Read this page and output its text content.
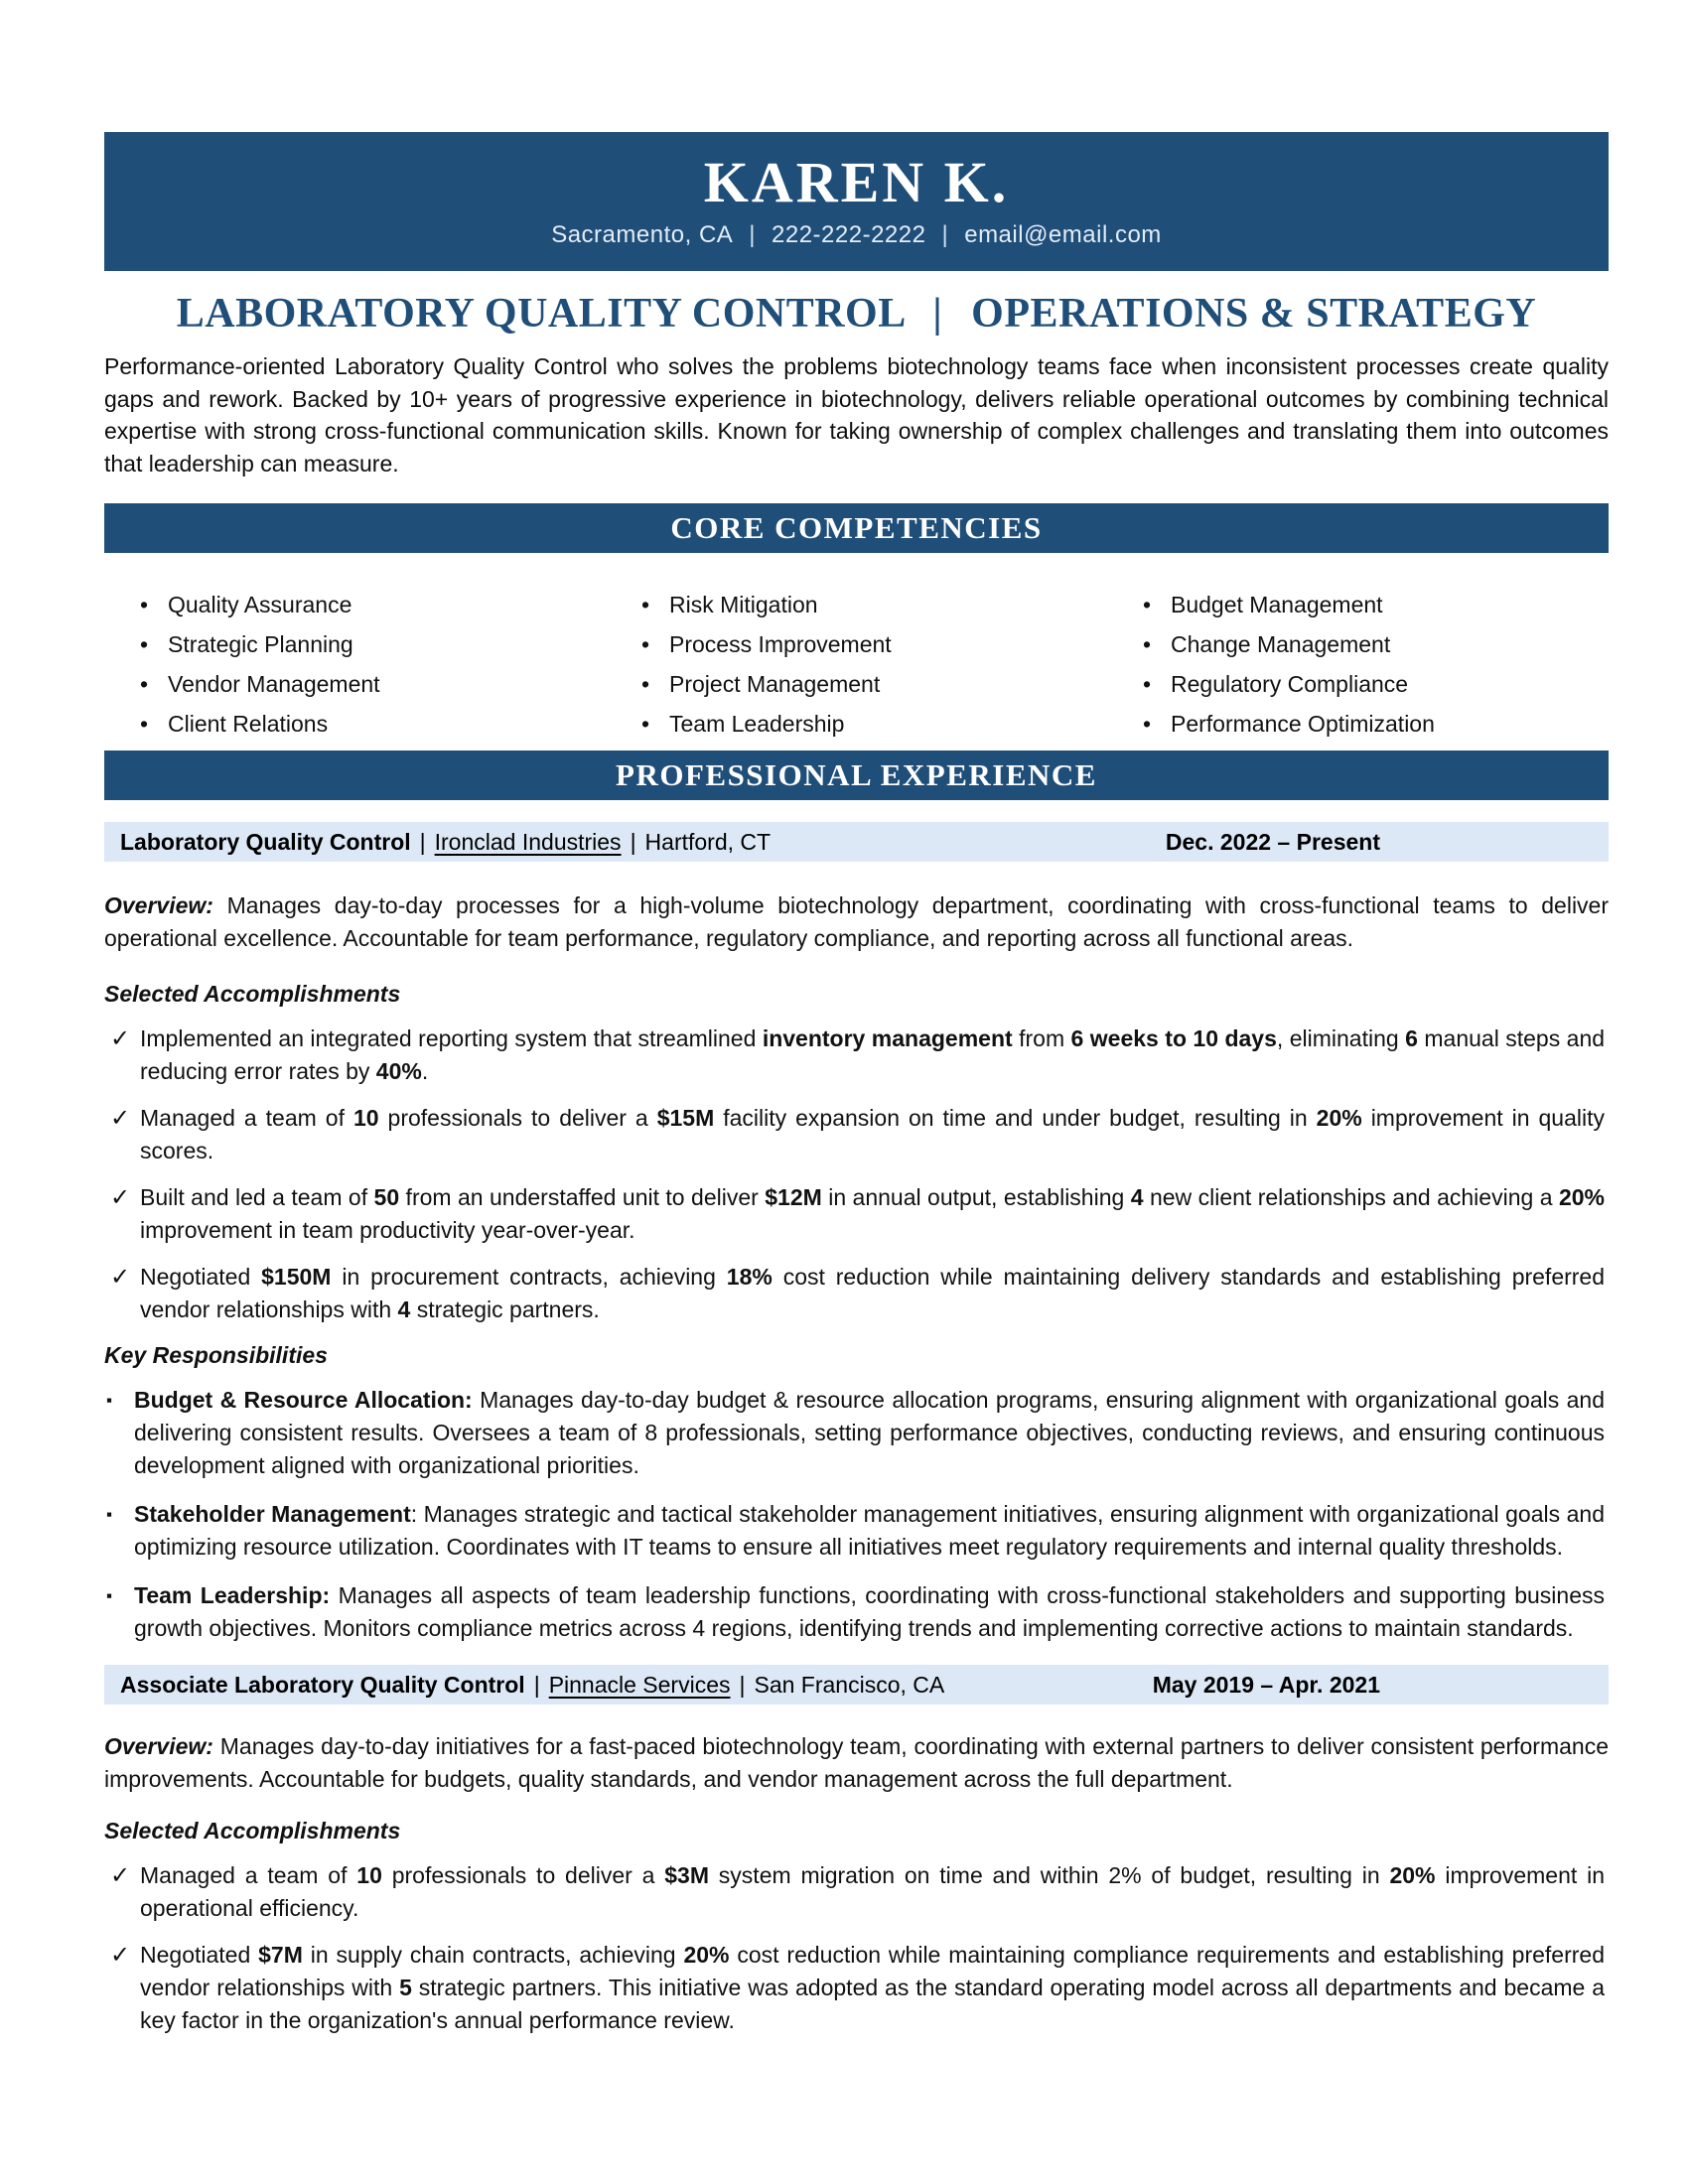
KAREN K.
Sacramento, CA | 222-222-2222 | email@email.com
LABORATORY QUALITY CONTROL | OPERATIONS & STRATEGY
Performance-oriented Laboratory Quality Control who solves the problems biotechnology teams face when inconsistent processes create quality gaps and rework. Backed by 10+ years of progressive experience in biotechnology, delivers reliable operational outcomes by combining technical expertise with strong cross-functional communication skills. Known for taking ownership of complex challenges and translating them into outcomes that leadership can measure.
CORE COMPETENCIES
• Quality Assurance	• Risk Mitigation	• Budget Management
• Strategic Planning	• Process Improvement	• Change Management
• Vendor Management	• Project Management	• Regulatory Compliance
• Client Relations	• Team Leadership	• Performance Optimization
PROFESSIONAL EXPERIENCE
Laboratory Quality Control | Ironclad Industries | Hartford, CT	Dec. 2022 – Present
Overview: Manages day-to-day processes for a high-volume biotechnology department, coordinating with cross-functional teams to deliver operational excellence. Accountable for team performance, regulatory compliance, and reporting across all functional areas.
Selected Accomplishments
✓ Implemented an integrated reporting system that streamlined inventory management from 6 weeks to 10 days, eliminating 6 manual steps and reducing error rates by 40%.
✓ Managed a team of 10 professionals to deliver a $15M facility expansion on time and under budget, resulting in 20% improvement in quality scores.
✓ Built and led a team of 50 from an understaffed unit to deliver $12M in annual output, establishing 4 new client relationships and achieving a 20% improvement in team productivity year-over-year.
✓ Negotiated $150M in procurement contracts, achieving 18% cost reduction while maintaining delivery standards and establishing preferred vendor relationships with 4 strategic partners.
Key Responsibilities
▪ Budget & Resource Allocation: Manages day-to-day budget & resource allocation programs, ensuring alignment with organizational goals and delivering consistent results. Oversees a team of 8 professionals, setting performance objectives, conducting reviews, and ensuring continuous development aligned with organizational priorities.
▪ Stakeholder Management: Manages strategic and tactical stakeholder management initiatives, ensuring alignment with organizational goals and optimizing resource utilization. Coordinates with IT teams to ensure all initiatives meet regulatory requirements and internal quality thresholds.
▪ Team Leadership: Manages all aspects of team leadership functions, coordinating with cross-functional stakeholders and supporting business growth objectives. Monitors compliance metrics across 4 regions, identifying trends and implementing corrective actions to maintain standards.
Associate Laboratory Quality Control | Pinnacle Services | San Francisco, CA	May 2019 – Apr. 2021
Overview: Manages day-to-day initiatives for a fast-paced biotechnology team, coordinating with external partners to deliver consistent performance improvements. Accountable for budgets, quality standards, and vendor management across the full department.
Selected Accomplishments
✓ Managed a team of 10 professionals to deliver a $3M system migration on time and within 2% of budget, resulting in 20% improvement in operational efficiency.
✓ Negotiated $7M in supply chain contracts, achieving 20% cost reduction while maintaining compliance requirements and establishing preferred vendor relationships with 5 strategic partners. This initiative was adopted as the standard operating model across all departments and became a key factor in the organization's annual performance review.
